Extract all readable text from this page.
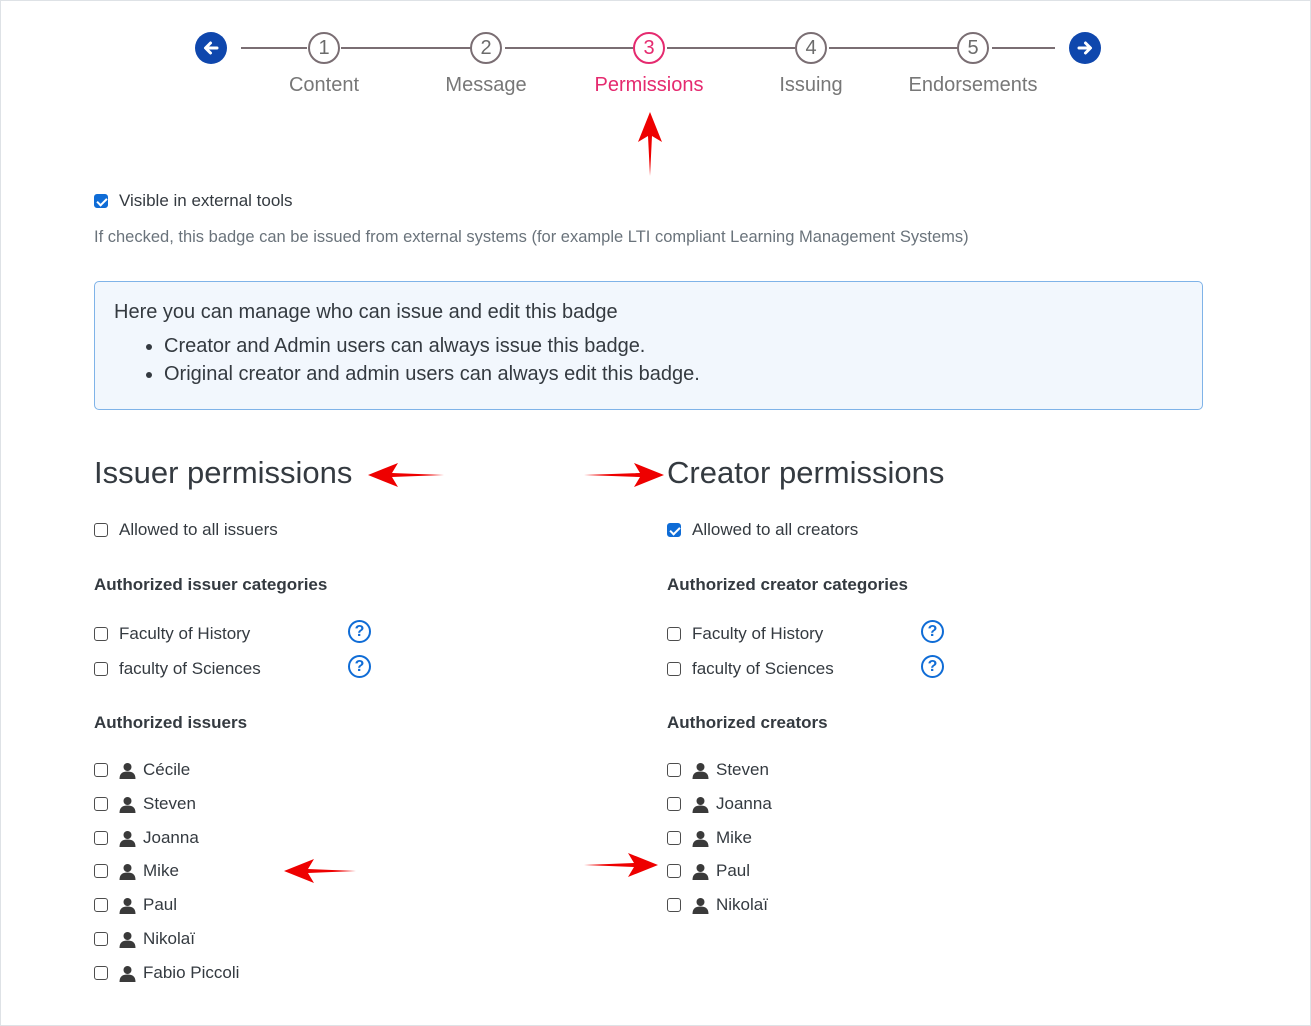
1
Content
2
Message
3
Permissions
4
Issuing
5
Endorsements
Visible in external tools
If checked, this badge can be issued from external systems (for example LTI compliant Learning Management Systems)
Here you can manage who can issue and edit this badge
• Creator and Admin users can always issue this badge.
• Original creator and admin users can always edit this badge.
Issuer permissions
Allowed to all issuers
Authorized issuer categories
Faculty of History	?
faculty of Sciences	?
Authorized issuers
Cécile
Steven
Joanna
Mike
Paul
Nikolaï
Fabio Piccoli
Creator permissions
Allowed to all creators
Authorized creator categories
Faculty of History	?
faculty of Sciences	?
Authorized creators
Steven
Joanna
Mike
Paul
Nikolaï
